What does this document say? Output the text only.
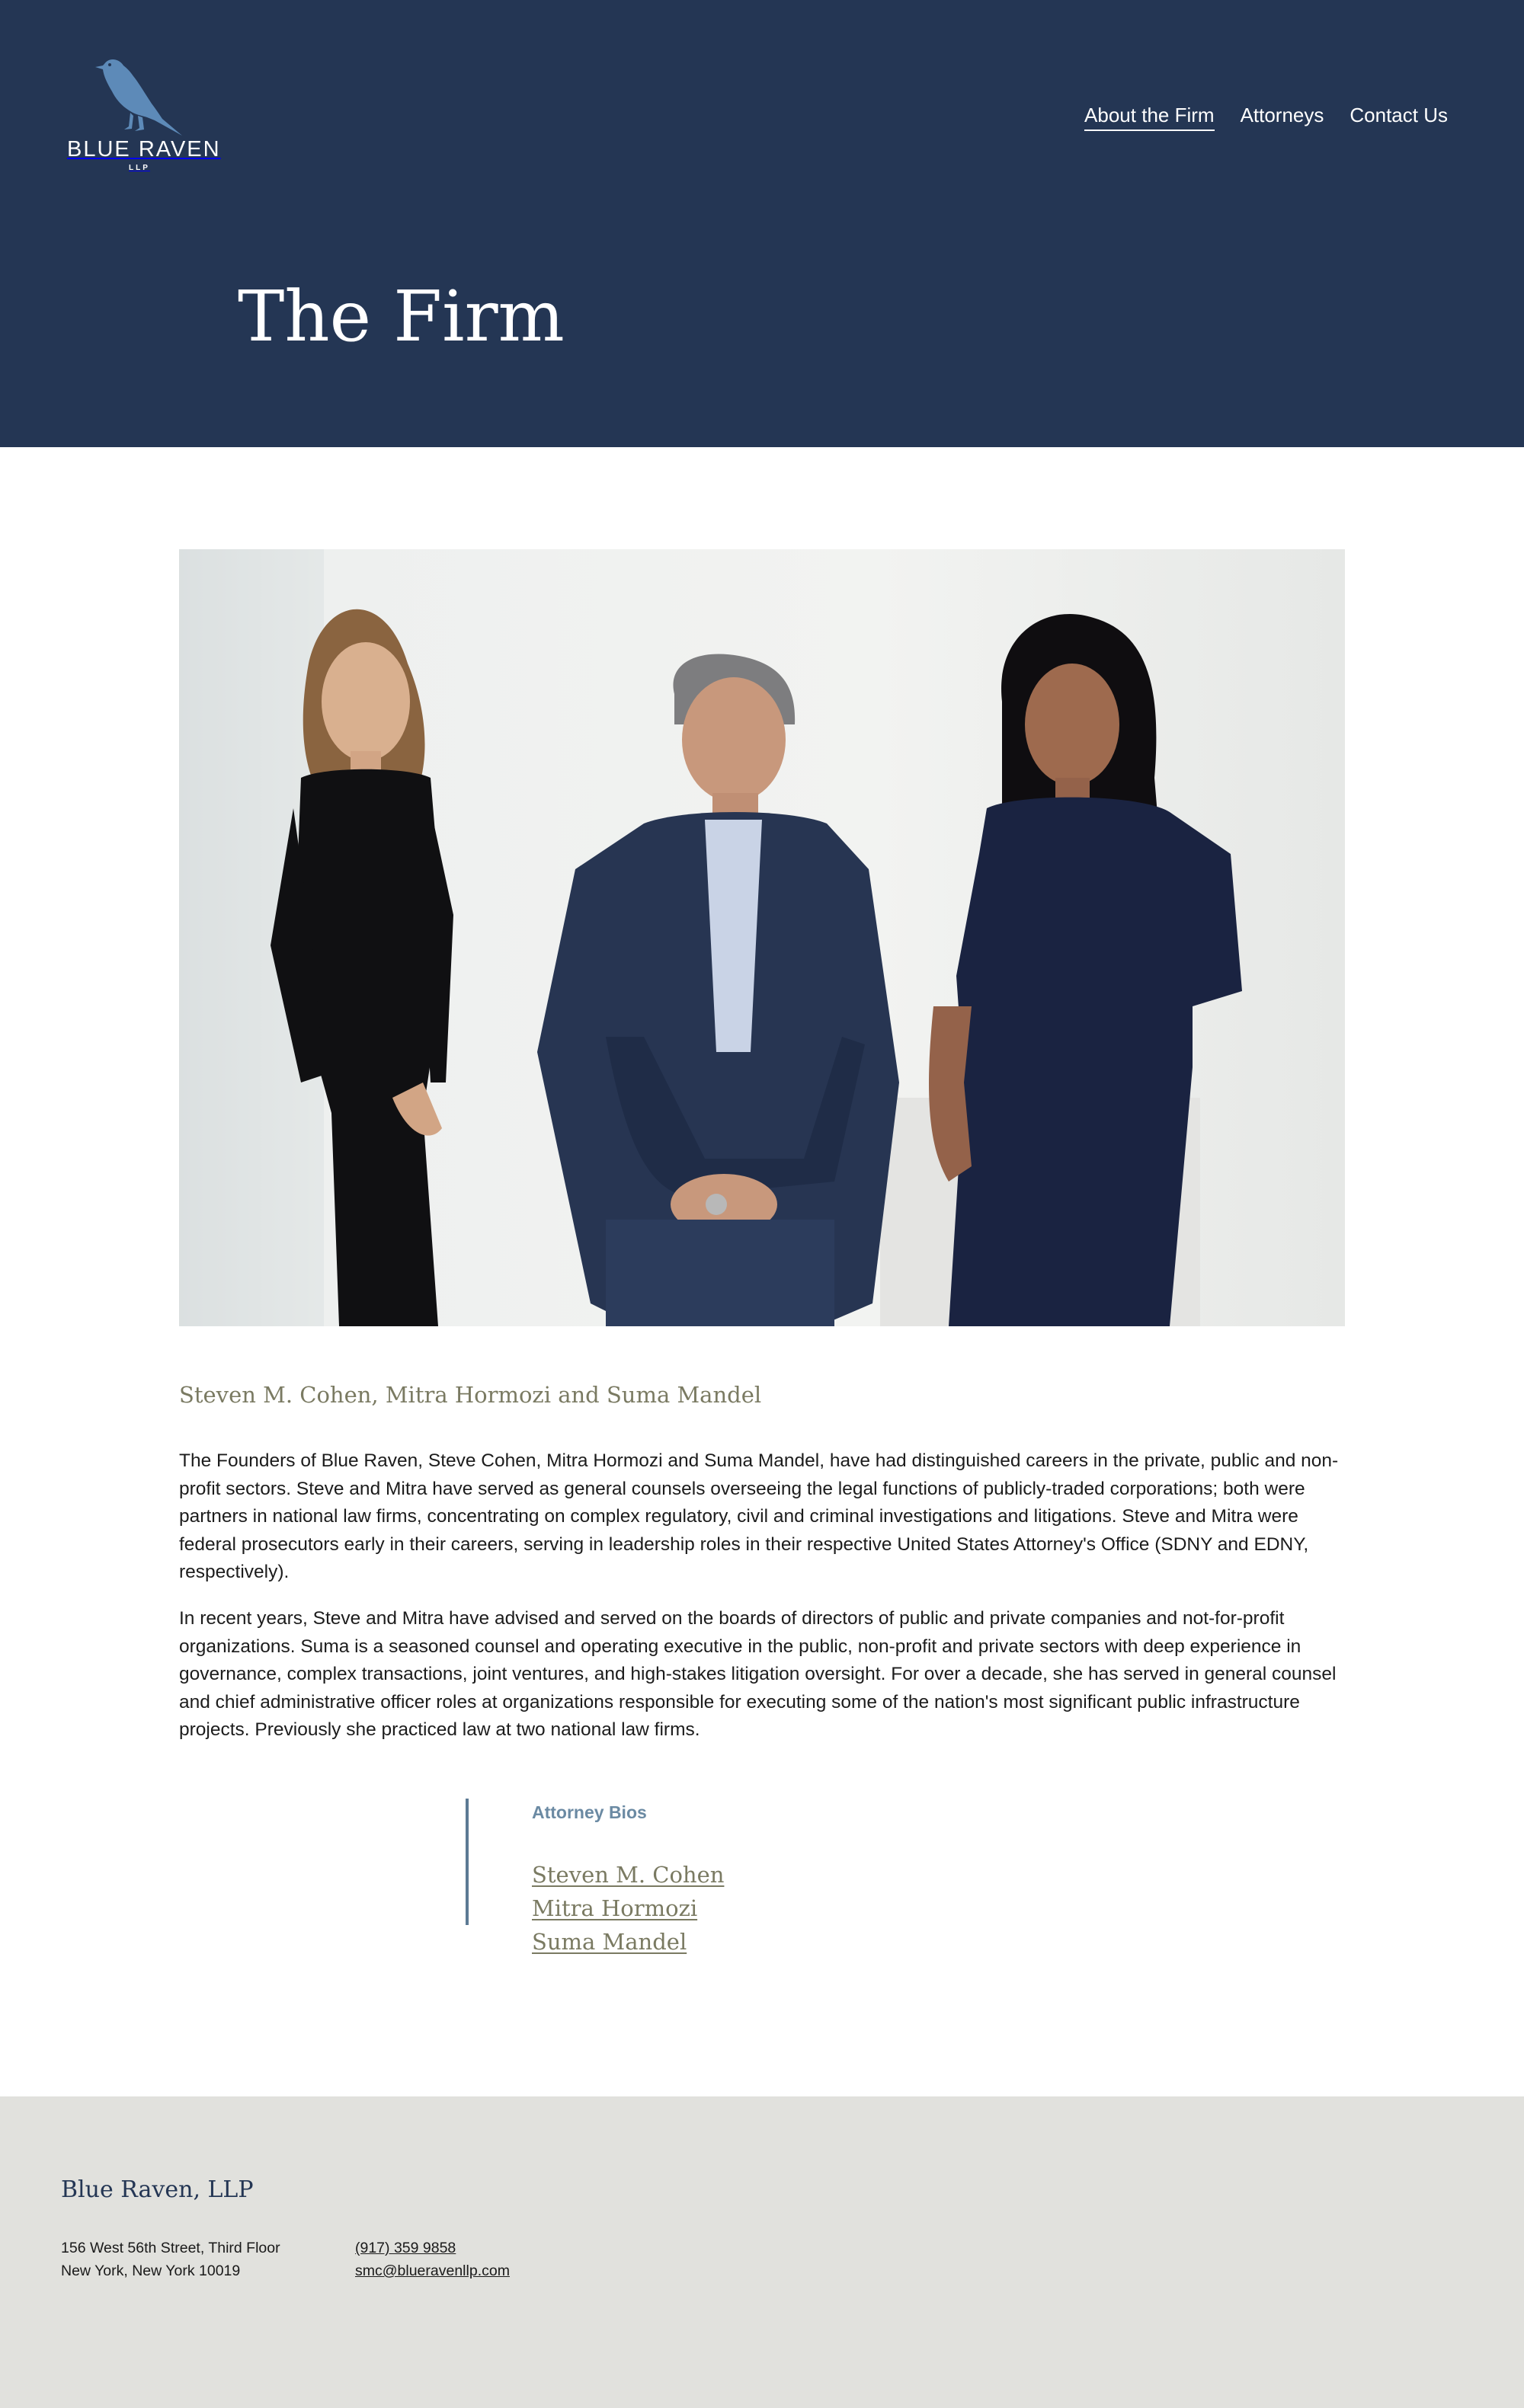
BLUE RAVEN
LLP
About the Firm Attorneys Contact Us
The Firm
Steven M. Cohen, Mitra Hormozi and Suma Mandel

The Founders of Blue Raven, Steve Cohen, Mitra Hormozi and Suma Mandel, have had distinguished careers in the private, public and non-profit sectors. Steve and Mitra have served as general counsels overseeing the legal functions of publicly-traded corporations; both were partners in national law firms, concentrating on complex regulatory, civil and criminal investigations and litigations. Steve and Mitra were federal prosecutors early in their careers, serving in leadership roles in their respective United States Attorney's Office (SDNY and EDNY, respectively).

In recent years, Steve and Mitra have advised and served on the boards of directors of public and private companies and not-for-profit organizations. Suma is a seasoned counsel and operating executive in the public, non-profit and private sectors with deep experience in governance, complex transactions, joint ventures, and high-stakes litigation oversight. For over a decade, she has served in general counsel and chief administrative officer roles at organizations responsible for executing some of the nation's most significant public infrastructure projects. Previously she practiced law at two national law firms.

Attorney Bios
Steven M. Cohen
Mitra Hormozi
Suma Mandel
Blue Raven, LLP
156 West 56th Street, Third Floor
New York, New York 10019
(917) 359 9858
smc@blueravenllp.com
